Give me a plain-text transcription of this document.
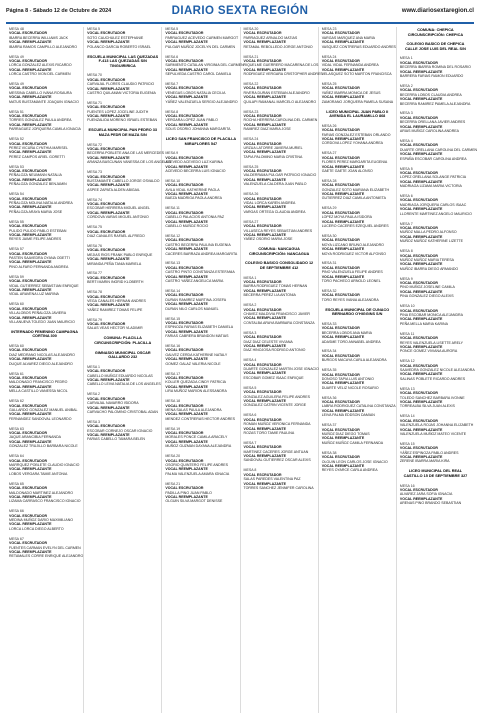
Página 8 - Sábado 12 de Octubre de 2024	DIARIO SEXTA REGIÓN	www.diariosextaregion.cl
MESA 48
VOCAL ESCRUTADOR
IBARRA BECERRA WILLIAMS JACK
VOCAL REEMPLAZANTE
IBARRA RAMOS CAMPILLO ALEJANDRO
MESA 49
VOCAL ESCRUTADOR
LORCA GONZALEZ ALEXIS RICARDO
VOCAL REEMPLAZANTE
LORCA CASTRO IVON DEL CARMEN
MESA 49
VOCAL ESCRUTADOR
MESSINA CABELLO IVANA ROSAURA
VOCAL REEMPLAZANTE
MATUS BUSTAMANTE JOAQUIN IGNACIO
MESA 51
VOCAL ESCRUTADOR
TORRES GONZALEZ PAULA ANDREA
VOCAL REEMPLAZANTE
PARRAGUEZ JORQUERA CAMILA IGNACIA
MESA 52
VOCAL ESCRUTADOR
PEREZ VICUÑA CYNTHIA MARISEL
VOCAL REEMPLAZANTE
PEREZ CAMPOS ARIEL GORETTI
MESA 53
VOCAL ESCRUTADOR
PEÑALOZA NEUMANN NATALIA
VOCAL REEMPLAZANTE
PEÑALOZA GONZALEZ BENJAMIN
MESA 54
VOCAL ESCRUTADOR
PEÑALOZA MOLINA NATALIA ANDREA
VOCAL REEMPLAZANTE
PEÑALOZA ARAYA MARIA JOSE
MESA 55
VOCAL ESCRUTADOR
PULIDO PULIDO PABLO ESTEBAN
VOCAL REEMPLAZANTE
REYES JAIME FELIPE ANDRES
MESA 57
VOCAL ESCRUTADOR
PASTEN SAAVEDRA OYANA ODETTI
VOCAL REEMPLAZANTE
PINO ALFARO FERNANDA ANDREA
MESA 59
VOCAL ESCRUTADOR
VIDAL GUTIERREZ SEBASTIAN ENRIQUE
VOCAL REEMPLAZANTE
VIDAL ARAVENA LUZ MARINA
MESA 60
VOCAL ESCRUTADOR
VILLALOBOS PEÑALOZA JAVIERA
VOCAL REEMPLAZANTE
VILLANUEVA TOLEDO JUAN MAURICIO
INTERNADO FEMENINO CAMPAGNA CORTINA 300
MESA 60
VOCAL ESCRUTADOR
DIAZ MEDRANO NICOLAS ALEJANDRO
VOCAL REEMPLAZANTE
DUQUE ALVAREZ DIEGO ALEJANDRO
MESA 61
VOCAL ESCRUTADOR
MALDONADO FRANCISCO PEDRO
VOCAL REEMPLAZANTE
MELLA CASTILLO VANESSA NICOL
MESA 62
VOCAL ESCRUTADOR
GALLARDO GONZALEZ MANUEL ANIBAL
VOCAL REEMPLAZANTE
FERNANDEZ SANDOVAL LEONARDO
MESA 63
VOCAL ESCRUTADOR
JAQUE ARANCIBIA FERNANDA
VOCAL REEMPLAZANTE
GONZALEZ TRUJILLO BARBARA NICOLE
MESA 64
VOCAL ESCRUTADOR
MARRQUEZ POBLETE CLAUDIO IGNACIO
VOCAL REEMPLAZANTE
LOBOS VERGARA TAMIE ANTONIA
MESA 65
VOCAL ESCRUTADOR
MALDONADO MARTINEZ ALEJANDRO
VOCAL REEMPLAZANTE
LIZAMA CARRASCO FRANCISCO IGNACIO
MESA 66
VOCAL ESCRUTADOR
MEDINA MUÑOZ DARIO MAXIMILIANO
VOCAL REEMPLAZANTE
LORCA LORCA DIEGO ALBERTO
MESA 67
VOCAL ESCRUTADOR
FUENTES CARMAN EVELYN DEL CARMEN
VOCAL REEMPLAZANTE
RETAMALES CORRE ENRIQUE ALEJANDRO
MESA 5
VOCAL ESCRUTADOR
SOTO CAUCHULEZ ESTEPHANIE
VOCAL REEMPLAZANTE
POLANCO GARCIA ROBERTO ISRAEL
ESCUELA MUNICIPAL LAS QUEZADAS F-413 LAS QUEZADAS S/N TINGUIRIRICA
MESA 70
VOCAL ESCRUTADOR
CARVAJAL FLORES CLAUDIO PATRICIO
VOCAL REEMPLAZANTE
CASTRO QUILAMAN VICTORIA EUGENIA
MESA 71
VOCAL ESCRUTADOR
FUENTES LOPEZ JOCELINE JUDITH
VOCAL REEMPLAZANTE
FUENZALIDA MORENO ISRAEL ESTEBAN
ESCUELA MUNICIPAL PAN PEDRO 33 MAZA PEDR DE MAZA S/N
MESA 72
VOCAL ESCRUTADOR
BECERRA POBLETE ANA DE LAS MERCEDES
VOCAL REEMPLAZANTE
ARANZA BASCUNAN VANESSA DE LOS ANGELES
MESA 73
VOCAL ESCRUTADOR
BUSTAMANTE CABELLO JORGE OSVALDO
VOCAL REEMPLAZANTE
ASPEE ZAPATA ALDEN ABIGAIL
MESA 74
VOCAL ESCRUTADOR
ESCOBAR HERRERA MIGUEL ANGEL
VOCAL REEMPLAZANTE
CORDOVA VARAS MIGUEL ANTONIO
MESA 75
VOCAL ESCRUTADOR
DIAZ CANALES RAFAEL ALFREDO
MESA 76
VOCAL ESCRUTADOR
MEJIAS RIOS FRANK PABLO ENRIQUE
VOCAL REEMPLAZANTE
MIRANDA PEÑA TANIA MARIELA
MESA 77
VOCAL ESCRUTADOR
BERTI MARIN INGRID KLOBERTH
MESA 78
VOCAL ESCRUTADOR
VEGA CANALES HERNAN ANDRES
VOCAL REEMPLAZANTE
YAÑEZ RAMIREZ TOMAS FELIPE
MESA 79
VOCAL ESCRUTADOR
SALAS VEAS HECTOR VLADIMIR
COMUNA: PLACILLA CIRCUNSCRIPCIÓN: PLACILLA
GIMNASIO MUNICIPAL OSCAR GALLARDO 232
MESA 1
VOCAL ESCRUTADOR
CABELLO MUÑOZ EDUARDO NICOLAS
VOCAL REEMPLAZANTE
CABELLO LEIVA NATALIA DE LOS ANGELES
MESA 2
VOCAL ESCRUTADOR
CARVAJAL NAVARRO ISIDORA
VOCAL REEMPLAZANTE
CARVACHO PALOMINO CRISTOBAL ADAN
MESA 3
VOCAL ESCRUTADOR
ESCOBAR CORNEJO OSCAR IGNACIO
VOCAL REEMPLAZANTE
FARIAS CABELLO TAMARA BELEN
MESA 5
VOCAL ESCRUTADOR
PARRAGUEZ ACEVEDO CARMEN MARGOT
VOCAL REEMPLAZANTE
PULGAR MUÑOZ JOCELYN DEL CARMEN
MESA 6
VOCAL ESCRUTADOR
SARMIENTO CATALAN VIRGINIA DEL CARMEN
VOCAL REEMPLAZANTE
SEPULVEDA CASTRO CAROL DANIELA
MESA 7
VOCAL ESCRUTADOR
VENEGAS LOBOS NATALIA CECILIA
VOCAL REEMPLAZANTE
YÁÑEZ VALENZUELA SERGIO ALEJANDRO
MESA 8
VOCAL ESCRUTADOR
VERGARA LOPEZ JUAN PABLO
VOCAL REEMPLAZANTE
SOLIS OSORIO JOHANNA MARGARITA
LICEO SAN FRANCISCO DE PLACILLA MIRAFLORES 547
MESA 9
VOCAL ESCRUTADOR
ACEVEDO ACEVEDO LUZ KARINA
VOCAL REEMPLAZANTE
ACEVEDO BECERRA LUIS IGNACIO
MESA 10
VOCAL ESCRUTADOR
AVILA VIDAL KATHERINE PAOLA
VOCAL REEMPLAZANTE
BAEZA MADRIGA PAOLA ANDREA
MESA 11
VOCAL ESCRUTADOR
CABELLO PALACIOS ANTONIA PAZ
VOCAL REEMPLAZANTE
CABELLO MUÑOZ ROCIO
MESA 12
VOCAL ESCRUTADOR
CASTRO BECERRA PAULINA EUGENIA
VOCAL REEMPLAZANTE
CACERES BARRAZA ANDREA MARGARITA
MESA 13
VOCAL ESCRUTADOR
CASTRO PINTO CONSTANZA ESTEFANIA
VOCAL REEMPLAZANTE
CASTRO YAÑEZ ANGELICA MARIA
MESA 14
VOCAL ESCRUTADOR
DURAN RAMIREZ MARTINA JOSEFA
VOCAL REEMPLAZANTE
DURAN NILO CARLOS MANUEL
MESA 15
VOCAL ESCRUTADOR
ESPINOZA FARIAS ELIZABETH DANIELA
VOCAL REEMPLAZANTE
FARIAS CABRERA BRANDON MATIAS
MESA 16
VOCAL ESCRUTADOR
GALVEZ CERDA KATHERINE NATALY
VOCAL REEMPLAZANTE
GOMEZ GALAZ VALERIA NICOLE
MESA 17
VOCAL ESCRUTADOR
KOLLER QUEZADA CINDY PATRICIA
VOCAL REEMPLAZANTE
LIRA MUÑOZ MARION ALESSANDRA
MESA 18
VOCAL ESCRUTADOR
MENA SALAS PAULA ALEJANDRA
VOCAL REEMPLAZANTE
MENDEZ CONTRERAS HECTOR ANDRES
MESA 19
VOCAL ESCRUTADOR
MORALES PONCE CAMILA ARACELY
VOCAL REEMPLAZANTE
MUÑOZ GUZMAN DAYANA ALEJANDRA
MESA 20
VOCAL ESCRUTADOR
OSORIO QUINTERO FELIPE ANDRES
VOCAL REEMPLAZANTE
PALMA VALENZUELA AMARA IGNACIA
MESA 21
VOCAL ESCRUTADOR
PADILLA PINO JUAN PABLO
VOCAL REEMPLAZANTE
OLGUIN SILVA MARGOT DENISSE
MESA 20
VOCAL ESCRUTADOR
PARRAGUEZ ARNALDO MATIAS
VOCAL REEMPLAZANTE
RETAMAL REBOLLEDO JORGE ANTONIO
MESA 21
VOCAL ESCRUTADOR
RIQUELME GUERRERO MACARENA DE LOS
VOCAL REEMPLAZANTE
RODRIGUEZ VERGARA CRISTOPHER ANDRES
MESA 22
VOCAL ESCRUTADOR
RIVERA DURAN ESTEBAN ALEJANDRO
VOCAL REEMPLAZANTE
QUILAPI RAMANAL MARCELO ALEJANDRO
MESA 23
VOCAL ESCRUTADOR
ROCHA HERRERA CAROLINA DEL CARMEN
VOCAL REEMPLAZANTE
RAMIREZ DIAZ MARIA JOSE
MESA 24
VOCAL ESCRUTADOR
URZUA LATORRE JAVIERA MURIEL
VOCAL REEMPLAZANTE
TAPIA PALOMINO MARIA CRISTINA
MESA 25
VOCAL ESCRUTADOR
VALDERRAMA PULGAR PATRICIO IGNACIO
VOCAL REEMPLAZANTE
VALENZUELA CALDERA JUAN PABLO
MESA 26
VOCAL ESCRUTADOR
VIDAL LORCA KAREN ANDREA
VOCAL REEMPLAZANTE
VARGAS ORTEGA CLAUDIA ANDREA
MESA 27
VOCAL ESCRUTADOR
VILLASECA REYES SEBASTIAN ANDRES
VOCAL REEMPLAZANTE
YAÑEZ OSORIO MARIA JOSE
COMUNA: NANCAGUA CIRCUNSCRIPCIÓN: NANCAGUA
COLEGIO BASICO CONSOLIDADO 12 DE SEPTIEMBRE 412
MESA 1
VOCAL ESCRUTADOR
BARRA RODRIGUEZ TOMAS HERNAN
VOCAL REEMPLAZANTE
BECERRA PEREZ LIA ANTONIA
MESA 2
VOCAL ESCRUTADOR
CHAVEZ MALDIVIA FRANCISCO JAVIER
VOCAL REEMPLAZANTE
CONTALBA ARAYA BARBARA CONSTANZA
MESA 3
VOCAL ESCRUTADOR
DIAZ DIAZ CELESTE VIVIANA
VOCAL REEMPLAZANTE
DIAZ HINOJOSA RODRIGO ANTONIO
MESA 4
VOCAL ESCRUTADOR
DUARTE GONZALEZ MARTIN JOSE IGNACIO
VOCAL REEMPLAZANTE
ESCOBAR GOMEZ ISAAC ENRIQUE
MESA 5
VOCAL ESCRUTADOR
GONZALEZ AGUILERA FELIPE ANDRES
VOCAL REEMPLAZANTE
GONZALEZ CATRIN VICENTE JORGE
MESA 6
VOCAL ESCRUTADOR
ROMAN MUÑOZ VERONICA FERNANDA
VOCAL REEMPLAZANTE
ROZAS TORO TAMIE PAULINA
MESA 7
VOCAL ESCRUTADOR
MARTINEZ CACERES JORGE ANTUAN
VOCAL REEMPLAZANTE
SANDOVAL GUTIERREZ OSCAR ALEXIS
MESA 8
VOCAL ESCRUTADOR
SALAS PAREDES VALENTINA PAZ
VOCAL REEMPLAZANTE
TORRES SANCHEZ JENNIFER CAROLINA
MESA 23
VOCAL ESCRUTADOR
VARGAS MARQUEZ ANA MARIA
VOCAL REEMPLAZANTE
VASQUEZ CONTRERAS EDUARDO ANDRES
MESA 24
VOCAL ESCRUTADOR
VIDAL VIDAL FERNANDA ANDREA
VOCAL REEMPLAZANTE
VELASQUEZ SOTO MARTON FRANCISCA
MESA 25
VOCAL ESCRUTADOR
YAÑEZ IBARRA MONICA DE JESUS
VOCAL REEMPLAZANTE
ZAMORANO JORQUERA PAMELA SUSANA
LICEO MUNICIPAL JUAN PABLO II AVENIDA EL LAURAMILLO 868
MESA 26
VOCAL ESCRUTADOR
FARIAS GONZALEZ ESTEBAN ORLANDO
VOCAL REEMPLAZANTE
CORDOVA LOPEZ YOHANA ANDREA
MESA 27
VOCAL ESCRUTADOR
FLORES PEREZ MARGARITA EUGENIA
VOCAL REEMPLAZANTE
GAETE GAETE JOAN ALONSO
MESA 28
VOCAL ESCRUTADOR
GONZALEZ SOTO MARIANA ELIZABETH
VOCAL REEMPLAZANTE
GUTIERREZ DIAZ CAMILA ANTONIETA
MESA 29
VOCAL ESCRUTADOR
LOPEZ MOYA PAULA ISIDORA
VOCAL REEMPLAZANTE
LUCERO CACERES EZEQUIEL ANDRES
MESA 30
VOCAL ESCRUTADOR
MOYA LIZCANO BRUNO ALEJANDRO
VOCAL REEMPLAZANTE
MOYA RODRIGUEZ VICTOR ALFONSO
MESA 31
VOCAL ESCRUTADOR
PINO VALENZUELA FELIPE ANDRES
VOCAL REEMPLAZANTE
TORO PACHECO ARNOLD LEONEL
MESA 32
VOCAL ESCRUTADOR
TORO REYES IVANIA ALEJANDRA
ESCUELA MUNICIPAL DE CUNACO BERNARDO O'HIGGINS S/N
MESA 33
VOCAL ESCRUTADOR
BECERRA LOBOS ANA MARIA
VOCAL REEMPLAZANTE
ADASME TORO ANNABEL ANDREA
MESA 34
VOCAL ESCRUTADOR
BURGOS MACAYA CARLA ALEJANDRA
MESA 35
VOCAL ESCRUTADOR
DONOSO TAPIA LUIS ANTONIO
VOCAL REEMPLAZANTE
DUARTE VELIZ NICOLE ROSARIO
MESA 36
VOCAL ESCRUTADOR
LABRA RODRIGUEZ CATALINA CONSTANZA
VOCAL REEMPLAZANTE
LEIVA PALMA EDDSON DAMIAN
MESA 37
VOCAL ESCRUTADOR
MUÑOZ DIAZ DIEGO TOMAS
VOCAL REEMPLAZANTE
MUÑOZ MUÑOZ CAMILA FERNANDA
MESA 38
VOCAL ESCRUTADOR
OLGUIN LEON CARLOS JOSE IGNACIO
VOCAL REEMPLAZANTE
REYES OYARCE CARLA ANDREA
COMUNA: CHEPICA CIRCUNSCRIPCIÓN: CHEPICA
COLEGIO BASICO DE CHEPICA CALLE JOSE LUIS DEL REAL S/N
MESA 1
VOCAL ESCRUTADOR
BECERRA IBARRA ROMINA DEL ROSARIO
VOCAL REEMPLAZANTE
BARRERA FARIAS RAMON EDUARDO
MESA 2
VOCAL ESCRUTADOR
BECERRA LOBOS CLAUDIA ANDREA
VOCAL REEMPLAZANTE
BECERRA RAMIREZ PAMELA ALEJANDRA
MESA 3
VOCAL ESCRUTADOR
BECERRA ORELLANA JAVIER ANDRES
VOCAL REEMPLAZANTE
ARIAS MUÑOZ CAROLINA ANDREA
MESA 4
VOCAL ESCRUTADOR
DUARTE ORELLANA CAROLINA DEL CARMEN
VOCAL REEMPLAZANTE
ESPAÑA ESCOBAR CAROLINA ANDREA
MESA 5
VOCAL ESCRUTADOR
LOPEZ ORELLANA SOLANGE PATRICIA
VOCAL REEMPLAZANTE
MADRIAGA LIZAMA MARIA VICTORIA
MESA 6
VOCAL ESCRUTADOR
MADRIAGA JORQUERA CARLOS ISAAC
VOCAL REEMPLAZANTE
LLORENTE MARTINEZ ANGELO MAURICIO
MESA 7
VOCAL ESCRUTADOR
MUÑOZ MALLA PEDRO ALFONSO
VOCAL REEMPLAZANTE
MUÑOZ MUÑOZ KATHERINE LIZETTE
MESA 8
VOCAL ESCRUTADOR
MUÑOZ MUÑOZ MARIA TERESA
VOCAL REEMPLAZANTE
MUÑOZ IBARRA DIEGO ARMANDO
MESA 9
VOCAL ESCRUTADOR
PINO MUÑOZ JOSELINE CAMILA
VOCAL REEMPLAZANTE
PINA GONZALEZ DIEGO ALEXIS
MESA 10
VOCAL ESCRUTADOR
PINA ESCOBAR MONICA ALEJANDRA
VOCAL REEMPLAZANTE
PEÑA MELLA MARIA KARINA
MESA 11
VOCAL ESCRUTADOR
REYES VALENZUELA LISETTE ARELY
VOCAL REEMPLAZANTE
PONCE GOMEZ VIVIANA AURORA
MESA 12
VOCAL ESCRUTADOR
SAAVEDRA GONZALEZ NICOLE ALEJANDRA
VOCAL REEMPLAZANTE
SALINAS POBLETE RICARDO ANDRES
MESA 13
VOCAL ESCRUTADOR
TOLEDO SANCHEZ BARBARA IVONNE
VOCAL REEMPLAZANTE
TORREALBA SILVA JUAN ALEXIS
MESA 14
VOCAL ESCRUTADOR
VALENZUELA ROJAS JOHANNA ELIZABETH
VOCAL REEMPLAZANTE
VALENZUELA MUÑOZ MATEO VICENTE
MESA 15
VOCAL ESCRUTADOR
YÁÑEZ ESPINOZA PABLO ANDRES
VOCAL REEMPLAZANTE
ZERENE IBARRA MARIA KIRA
LICEO MUNICIPAL DEL REAL CASTILLO 15 DE SEPTIEMBRE 327
MESA 16
VOCAL ESCRUTADOR
ALVAREZ JARA SOFIA IGNACIA
VOCAL REEMPLAZANTE
ARENAS PINO BRANDO SEBASTIAN
